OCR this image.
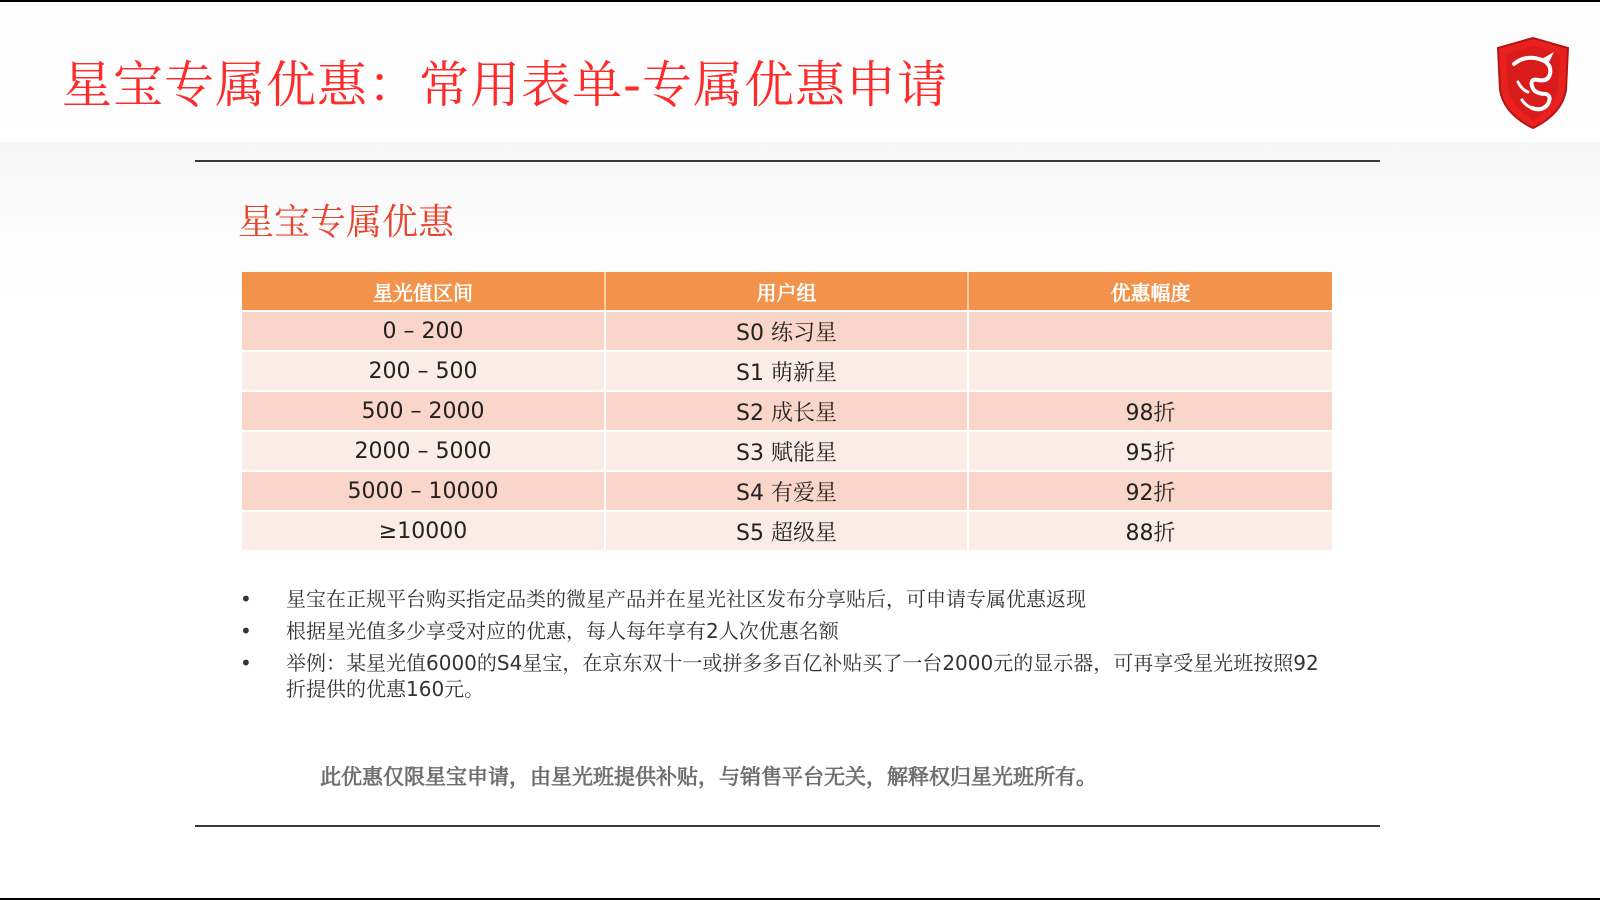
星宝专属优惠：常用表单-专属优惠申请
星宝专属优惠
星光值区间	用户组	优惠幅度
0 – 200	S0 练习星	
200 – 500	S1 萌新星	
500 – 2000	S2 成长星	98折
2000 – 5000	S3 赋能星	95折
5000 – 10000	S4 有爱星	92折
≥10000	S5 超级星	88折
• 星宝在正规平台购买指定品类的微星产品并在星光社区发布分享贴后，可申请专属优惠返现
• 根据星光值多少享受对应的优惠，每人每年享有2人次优惠名额
• 举例：某星光值6000的S4星宝，在京东双十一或拼多多百亿补贴买了一台2000元的显示器，可再享受星光班按照92折提供的优惠160元。
此优惠仅限星宝申请，由星光班提供补贴，与销售平台无关，解释权归星光班所有。
